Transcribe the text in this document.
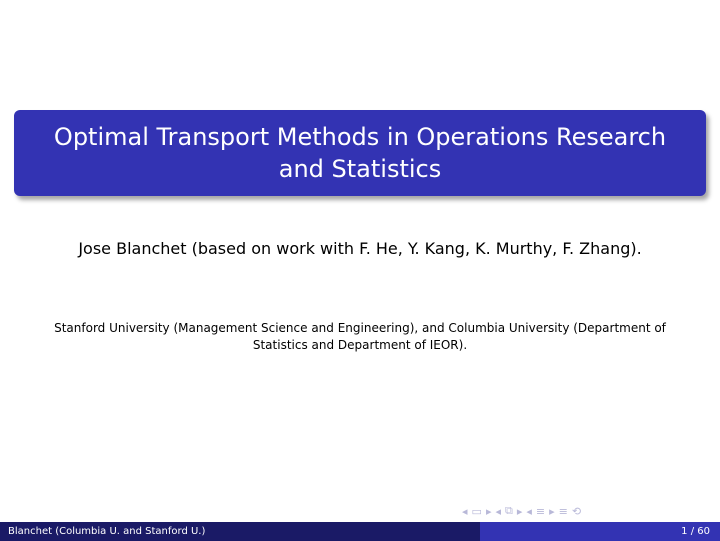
Optimal Transport Methods in Operations Research and Statistics
Jose Blanchet (based on work with F. He, Y. Kang, K. Murthy, F. Zhang).
Stanford University (Management Science and Engineering), and Columbia University (Department of Statistics and Department of IEOR).
◂ ▭ ▸ ◂ ⧉ ▸ ◂ ≡ ▸ ≡ ⟲
Blanchet (Columbia U. and Stanford U.)	1 / 60
